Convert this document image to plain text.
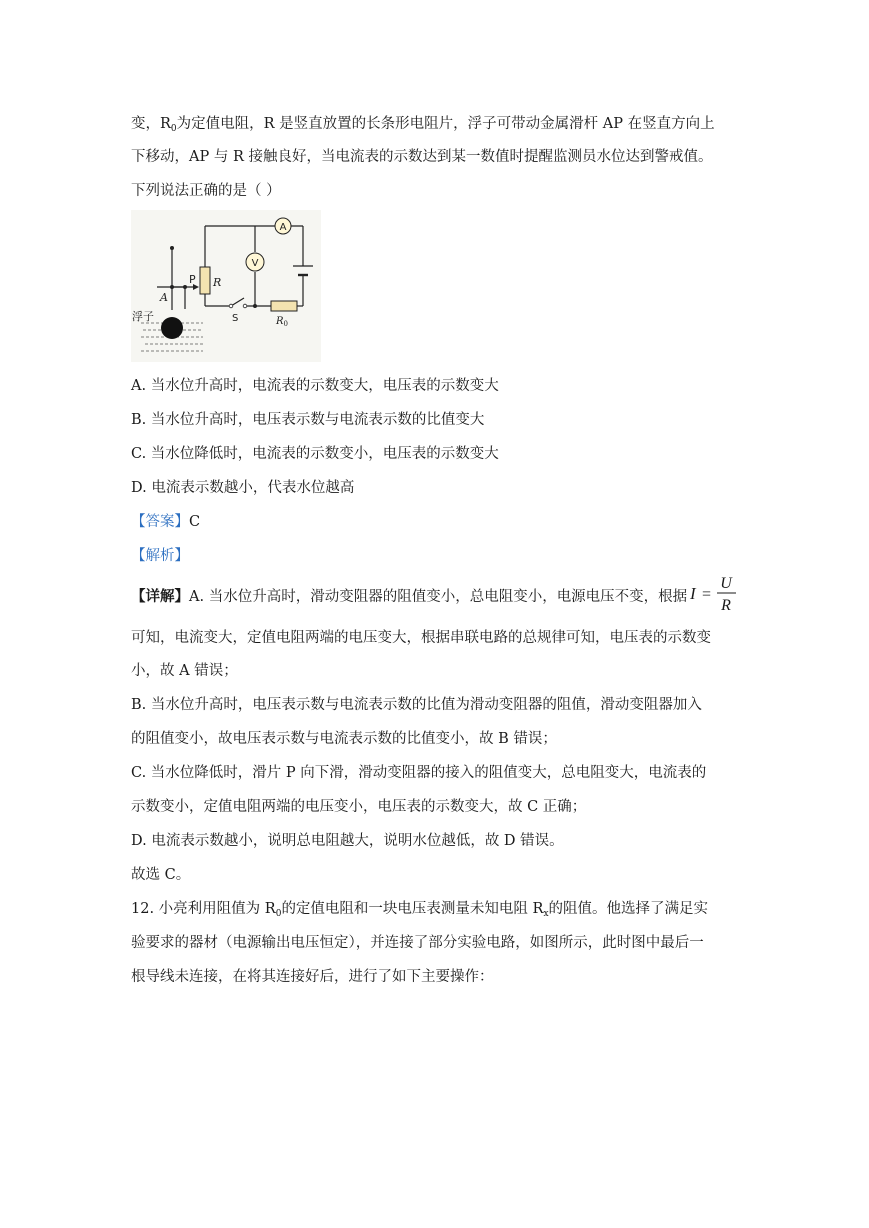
变，$R_0$为定值电阻，R 是竖直放置的长条形电阻片，浮子可带动金属滑杆 AP 在竖直方向上
下移动，AP 与 R 接触良好，当电流表的示数达到某一数值时提醒监测员水位达到警戒值。
下列说法正确的是（ ）
A
V
P R
A
S	$R_0$
浮子
A. 当水位升高时，电流表的示数变大，电压表的示数变大
B. 当水位升高时，电压表示数与电流表示数的比值变大
C. 当水位降低时，电流表的示数变小，电压表的示数变大
D. 电流表示数越小，代表水位越高
【答案】C
【解析】
【详解】A. 当水位升高时，滑动变阻器的阻值变小，总电阻变小，电源电压不变，根据 I =
U
R
可知，电流变大，定值电阻两端的电压变大，根据串联电路的总规律可知，电压表的示数变
小，故 A 错误；
B. 当水位升高时，电压表示数与电流表示数的比值为滑动变阻器的阻值，滑动变阻器加入
的阻值变小，故电压表示数与电流表示数的比值变小，故 B 错误；
C. 当水位降低时，滑片 P 向下滑，滑动变阻器的接入的阻值变大，总电阻变大，电流表的
示数变小，定值电阻两端的电压变小，电压表的示数变大，故 C 正确；
D. 电流表示数越小，说明总电阻越大，说明水位越低，故 D 错误。
故选 C。
12. 小亮利用阻值为 $R_0$的定值电阻和一块电压表测量未知电阻 $R_x$的阻值。他选择了满足实
验要求的器材（电源输出电压恒定），并连接了部分实验电路，如图所示，此时图中最后一
根导线未连接，在将其连接好后，进行了如下主要操作：
